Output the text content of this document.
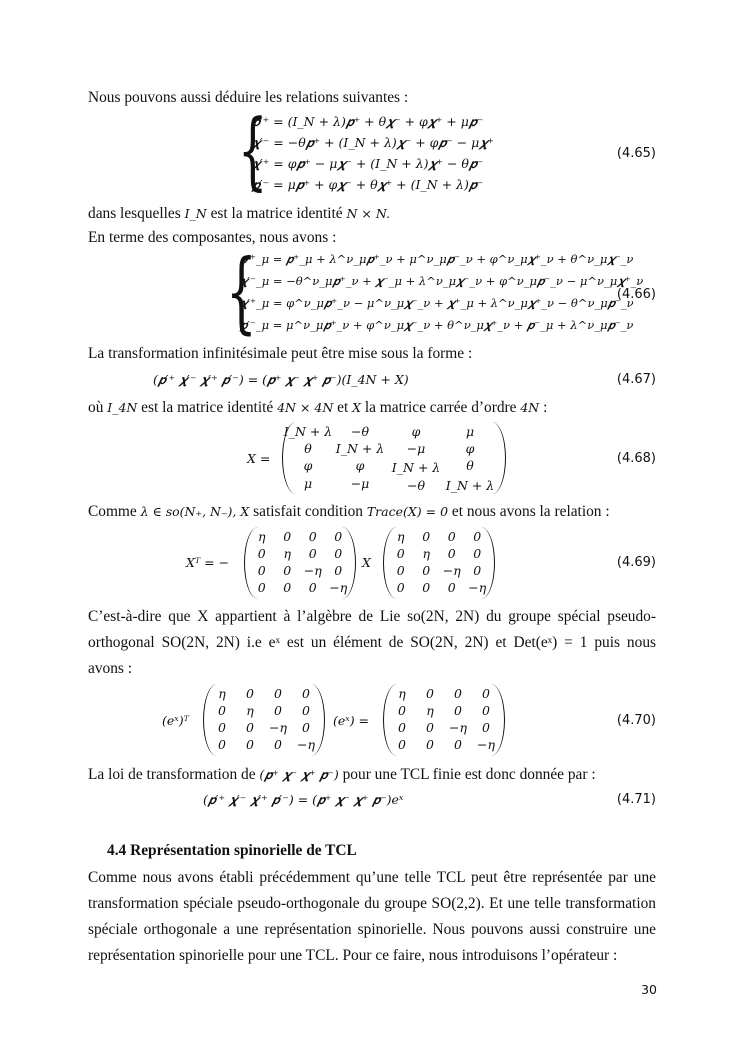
Nous pouvons aussi déduire les relations suivantes :
{
𝒑′⁺ = (I_N + λ)𝒑⁺ + θ𝝌⁻ + φ𝝌⁺ + μ𝒑⁻
𝝌′⁻ = −θ𝒑⁺ + (I_N + λ)𝝌⁻ + φ𝒑⁻ − μ𝝌⁺
𝝌′⁺ = φ𝒑⁺ − μ𝝌⁻ + (I_N + λ)𝝌⁺ − θ𝒑⁻
𝒑′⁻ = μ𝒑⁺ + φ𝝌⁻ + θ𝝌⁺ + (I_N + λ)𝒑⁻
(4.65)
dans lesquelles I_N est la matrice identité N × N.
En terme des composantes, nous avons :
{
𝒑′⁺_μ = 𝒑⁺_μ + λ^ν_μ𝒑⁺_ν + μ^ν_μ𝒑⁻_ν + φ^ν_μ𝝌⁺_ν + θ^ν_μ𝝌⁻_ν
𝝌′⁻_μ = −θ^ν_μ𝒑⁺_ν + 𝝌⁻_μ + λ^ν_μ𝝌⁻_ν + φ^ν_μ𝒑⁻_ν − μ^ν_μ𝝌⁺_ν
𝝌′⁺_μ = φ^ν_μ𝒑⁺_ν − μ^ν_μ𝝌⁻_ν + 𝝌⁺_μ + λ^ν_μ𝝌⁺_ν − θ^ν_μ𝒑⁻_ν
𝒑′⁻_μ = μ^ν_μ𝒑⁺_ν + φ^ν_μ𝝌⁻_ν + θ^ν_μ𝝌⁺_ν + 𝒑⁻_μ + λ^ν_μ𝒑⁻_ν
(4.66)
La transformation infinitésimale peut être mise sous la forme :
(𝒑′⁺ 𝝌′⁻ 𝝌′⁺ 𝒑′⁻) = (𝒑⁺ 𝝌⁻ 𝝌⁺ 𝒑⁻)(I_4N + X)	(4.67)
où I_4N est la matrice identité 4N × 4N et X la matrice carrée d’ordre 4N :
X =
I_N + λ	−θ	φ	μ
θ	I_N + λ	−μ	φ
φ	φ	I_N + λ	θ
μ	−μ	−θ	I_N + λ
(4.68)
Comme λ ∈ so(N₊, N₋), X satisfait condition Trace(X) = 0 et nous avons la relation :
Xᵀ = −
η	0	0	0
0	η	0	0
0	0	−η	0
0	0	0	−η
X
η	0	0	0
0	η	0	0
0	0	−η	0
0	0	0	−η
(4.69)
C’est-à-dire que X appartient à l’algèbre de Lie so(2N, 2N) du groupe spécial pseudo-
orthogonal SO(2N, 2N) i.e eˣ est un élément de SO(2N, 2N) et Det(eˣ) = 1 puis nous
avons :
(eˣ)ᵀ
η	0	0	0
0	η	0	0
0	0	−η	0
0	0	0	−η
(eˣ) =
η	0	0	0
0	η	0	0
0	0	−η	0
0	0	0	−η
(4.70)
La loi de transformation de (𝒑⁺ 𝝌⁻ 𝝌⁺ 𝒑⁻) pour une TCL finie est donc donnée par :
(𝒑′⁺ 𝝌′⁻ 𝝌′⁺ 𝒑′⁻) = (𝒑⁺ 𝝌⁻ 𝝌⁺ 𝒑⁻)eˣ	(4.71)
4.4 Représentation spinorielle de TCL
Comme nous avons établi précédemment qu’une telle TCL peut être représentée par une
transformation spéciale pseudo-orthogonale du groupe SO(2,2). Et une telle transformation
spéciale orthogonale a une représentation spinorielle. Nous pouvons aussi construire une
représentation spinorielle pour une TCL. Pour ce faire, nous introduisons l’opérateur :
30
